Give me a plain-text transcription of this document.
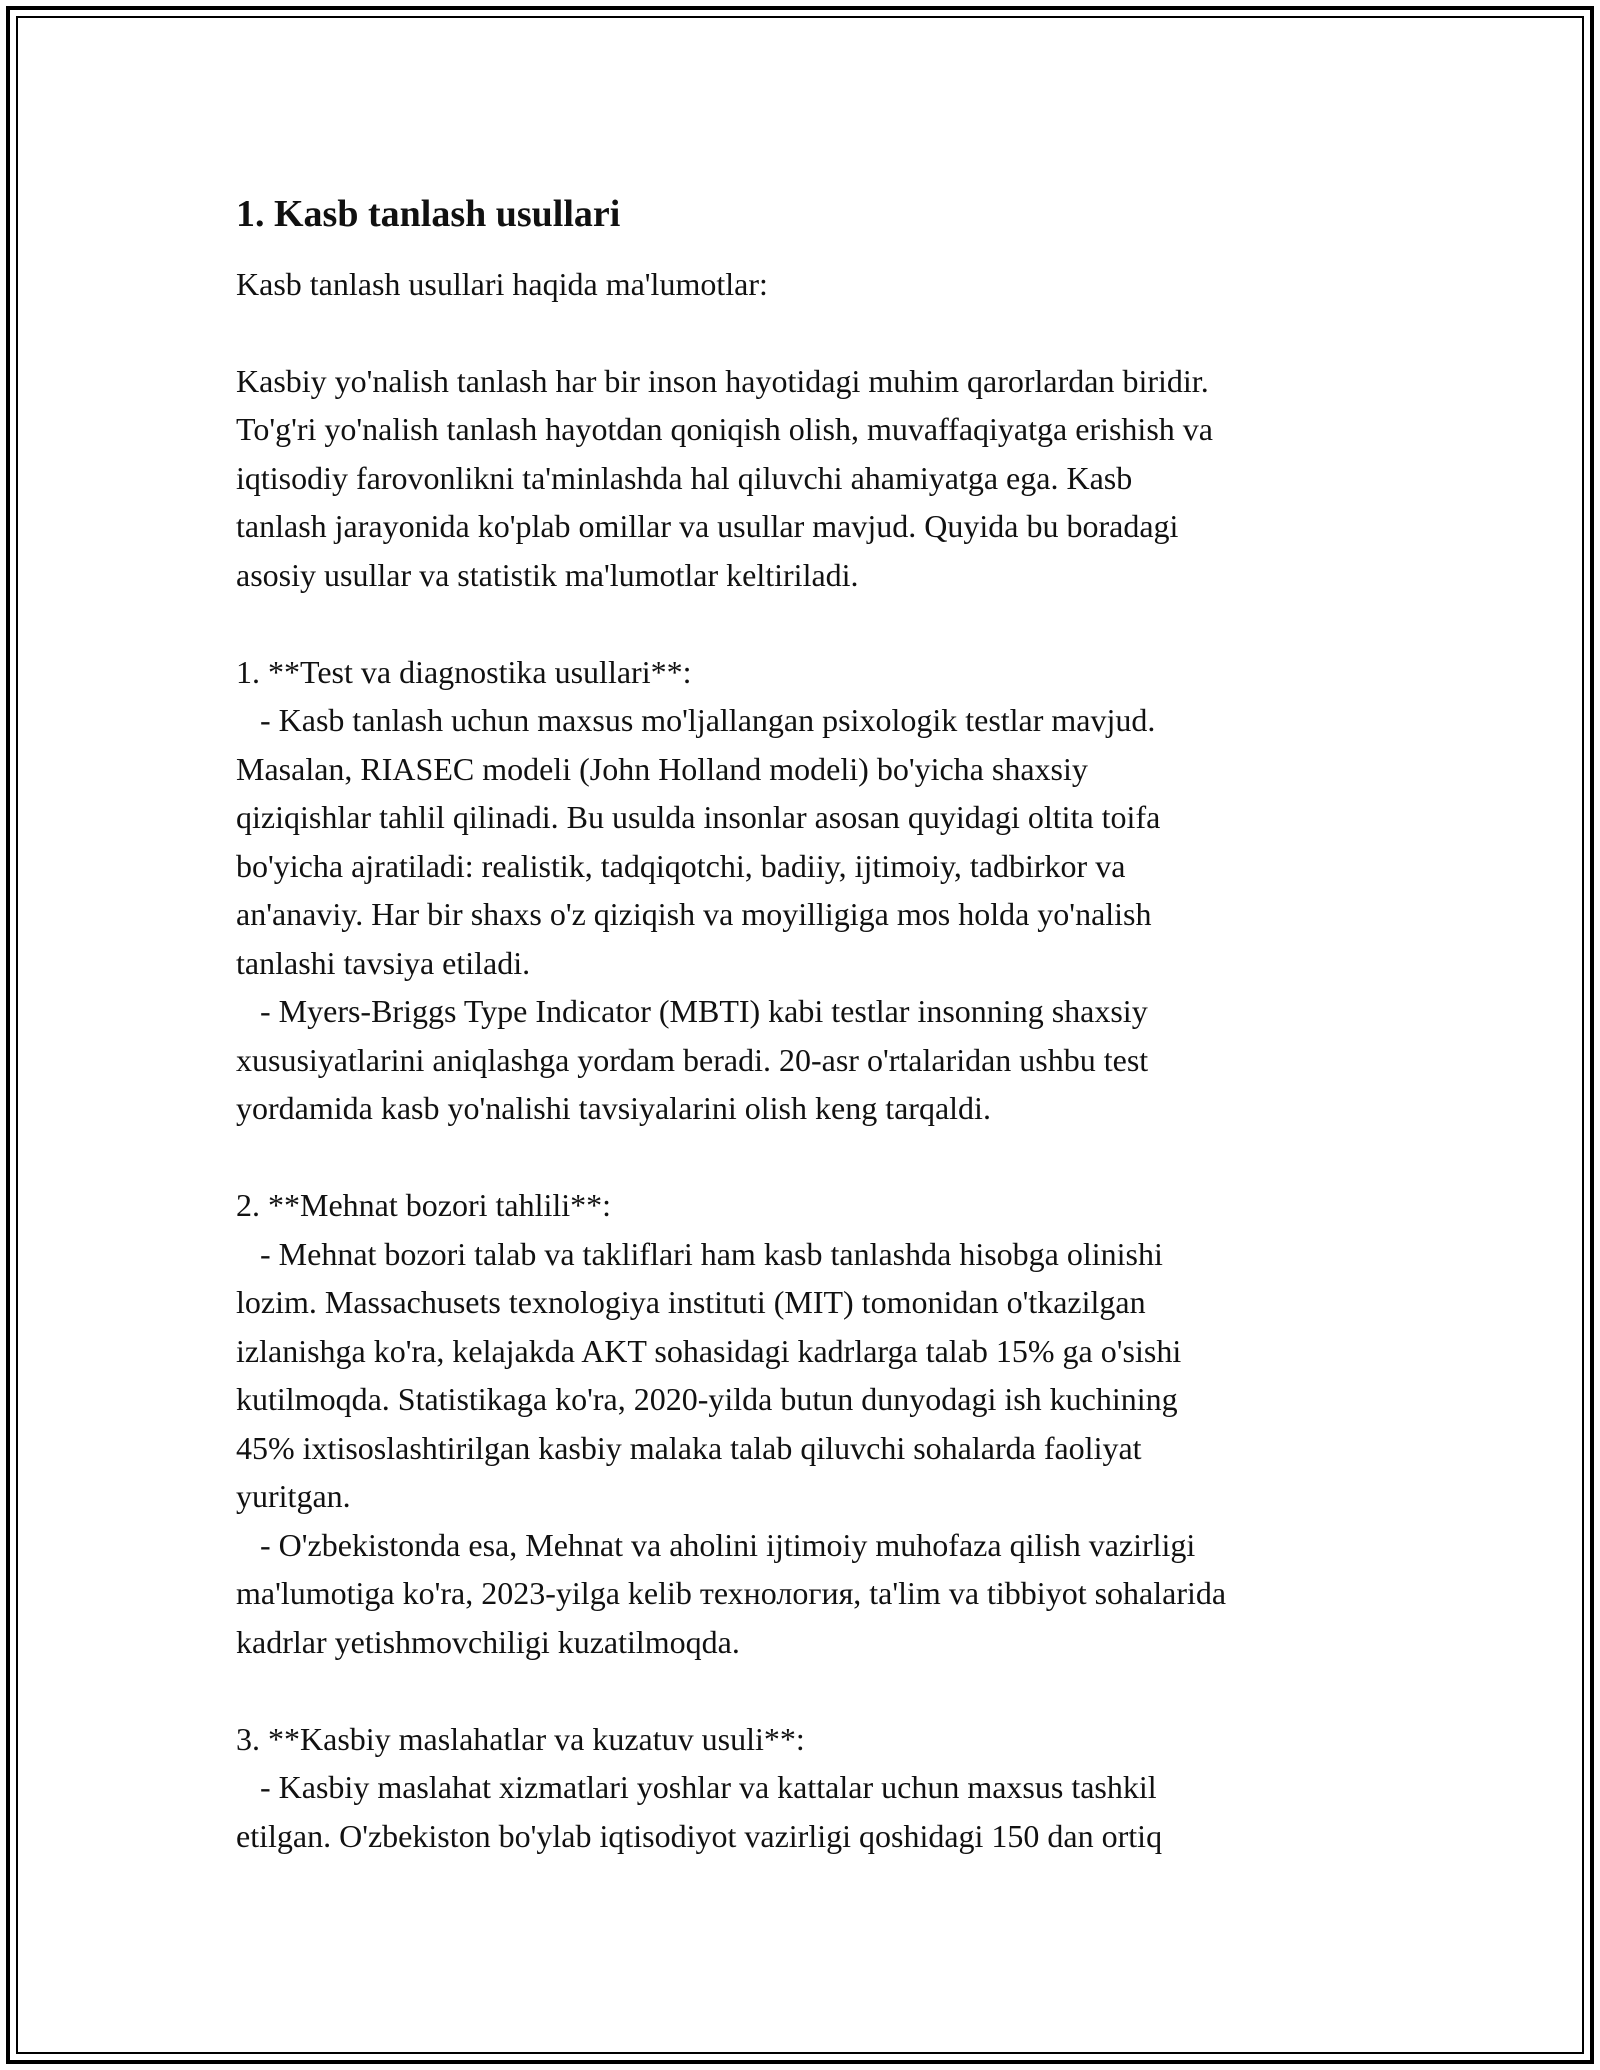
1. Kasb tanlash usullari

Kasb tanlash usullari haqida ma'lumotlar:

Kasbiy yo'nalish tanlash har bir inson hayotidagi muhim qarorlardan biridir.
To'g'ri yo'nalish tanlash hayotdan qoniqish olish, muvaffaqiyatga erishish va
iqtisodiy farovonlikni ta'minlashda hal qiluvchi ahamiyatga ega. Kasb
tanlash jarayonida ko'plab omillar va usullar mavjud. Quyida bu boradagi
asosiy usullar va statistik ma'lumotlar keltiriladi.

1. **Test va diagnostika usullari**:

- Kasb tanlash uchun maxsus mo'ljallangan psixologik testlar mavjud.
Masalan, RIASEC modeli (John Holland modeli) bo'yicha shaxsiy
qiziqishlar tahlil qilinadi. Bu usulda insonlar asosan quyidagi oltita toifa
bo'yicha ajratiladi: realistik, tadqiqotchi, badiiy, ijtimoiy, tadbirkor va
an'anaviy. Har bir shaxs o'z qiziqish va moyilligiga mos holda yo'nalish
tanlashi tavsiya etiladi.

- Myers-Briggs Type Indicator (MBTI) kabi testlar insonning shaxsiy
xususiyatlarini aniqlashga yordam beradi. 20-asr o'rtalaridan ushbu test
yordamida kasb yo'nalishi tavsiyalarini olish keng tarqaldi.

2. **Mehnat bozori tahlili**:

- Mehnat bozori talab va takliflari ham kasb tanlashda hisobga olinishi
lozim. Massachusets texnologiya instituti (MIT) tomonidan o'tkazilgan
izlanishga ko'ra, kelajakda AKT sohasidagi kadrlarga talab 15% ga o'sishi
kutilmoqda. Statistikaga ko'ra, 2020-yilda butun dunyodagi ish kuchining
45% ixtisoslashtirilgan kasbiy malaka talab qiluvchi sohalarda faoliyat
yuritgan.

- O'zbekistonda esa, Mehnat va aholini ijtimoiy muhofaza qilish vazirligi
ma'lumotiga ko'ra, 2023-yilga kelib технология, ta'lim va tibbiyot sohalarida
kadrlar yetishmovchiligi kuzatilmoqda.

3. **Kasbiy maslahatlar va kuzatuv usuli**:

- Kasbiy maslahat xizmatlari yoshlar va kattalar uchun maxsus tashkil
etilgan. O'zbekiston bo'ylab iqtisodiyot vazirligi qoshidagi 150 dan ortiq
